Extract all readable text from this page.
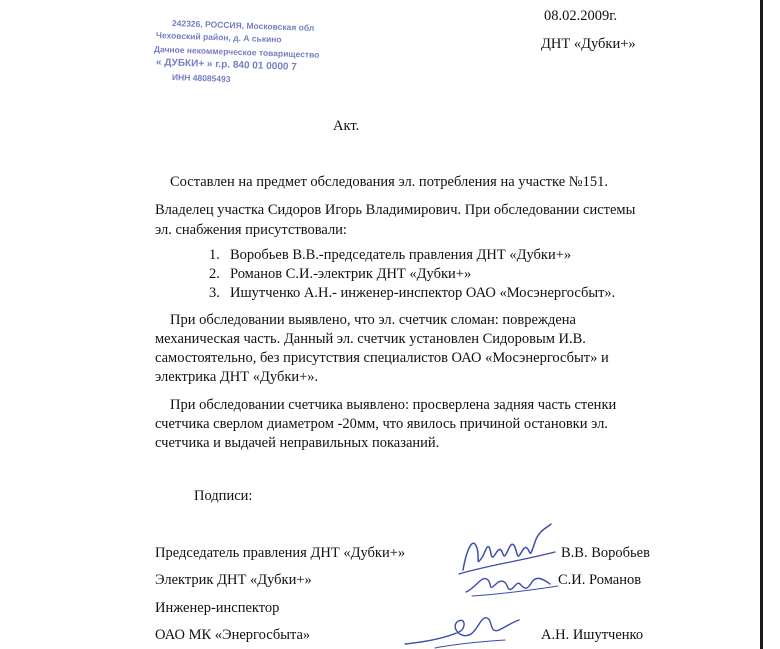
08.02.2009г.
ДНТ «Дубки+»
242326, РОССИЯ, Московская обл
Чеховский район, д. А ськино
Дачное некоммерческое товарищество
« ДУБКИ+ » г.р. 840 01 0000 7
ИНН 48085493
Акт.
Составлен на предмет обследования эл. потребления на участке №151.
Владелец участка Сидоров Игорь Владимирович. При обследовании системы
эл. снабжения присутствовали:
1. Воробьев В.В.-председатель правления ДНТ «Дубки+»
2. Романов С.И.-электрик ДНТ «Дубки+»
3. Ишутченко А.Н.- инженер-инспектор ОАО «Мосэнергосбыт».
При обследовании выявлено, что эл. счетчик сломан: повреждена
механическая часть. Данный эл. счетчик установлен Сидоровым И.В.
самостоятельно, без присутствия специалистов ОАО «Мосэнергосбыт» и
электрика ДНТ «Дубки+».
При обследовании счетчика выявлено: просверлена задняя часть стенки
счетчика сверлом диаметром -20мм, что явилось причиной остановки эл.
счетчика и выдачей неправильных показаний.
Подписи:
Председатель правления ДНТ «Дубки+»	В.В. Воробьев
Электрик ДНТ «Дубки+»	С.И. Романов
Инженер-инспектор
ОАО МК «Энергосбыта»	А.Н. Ишутченко
